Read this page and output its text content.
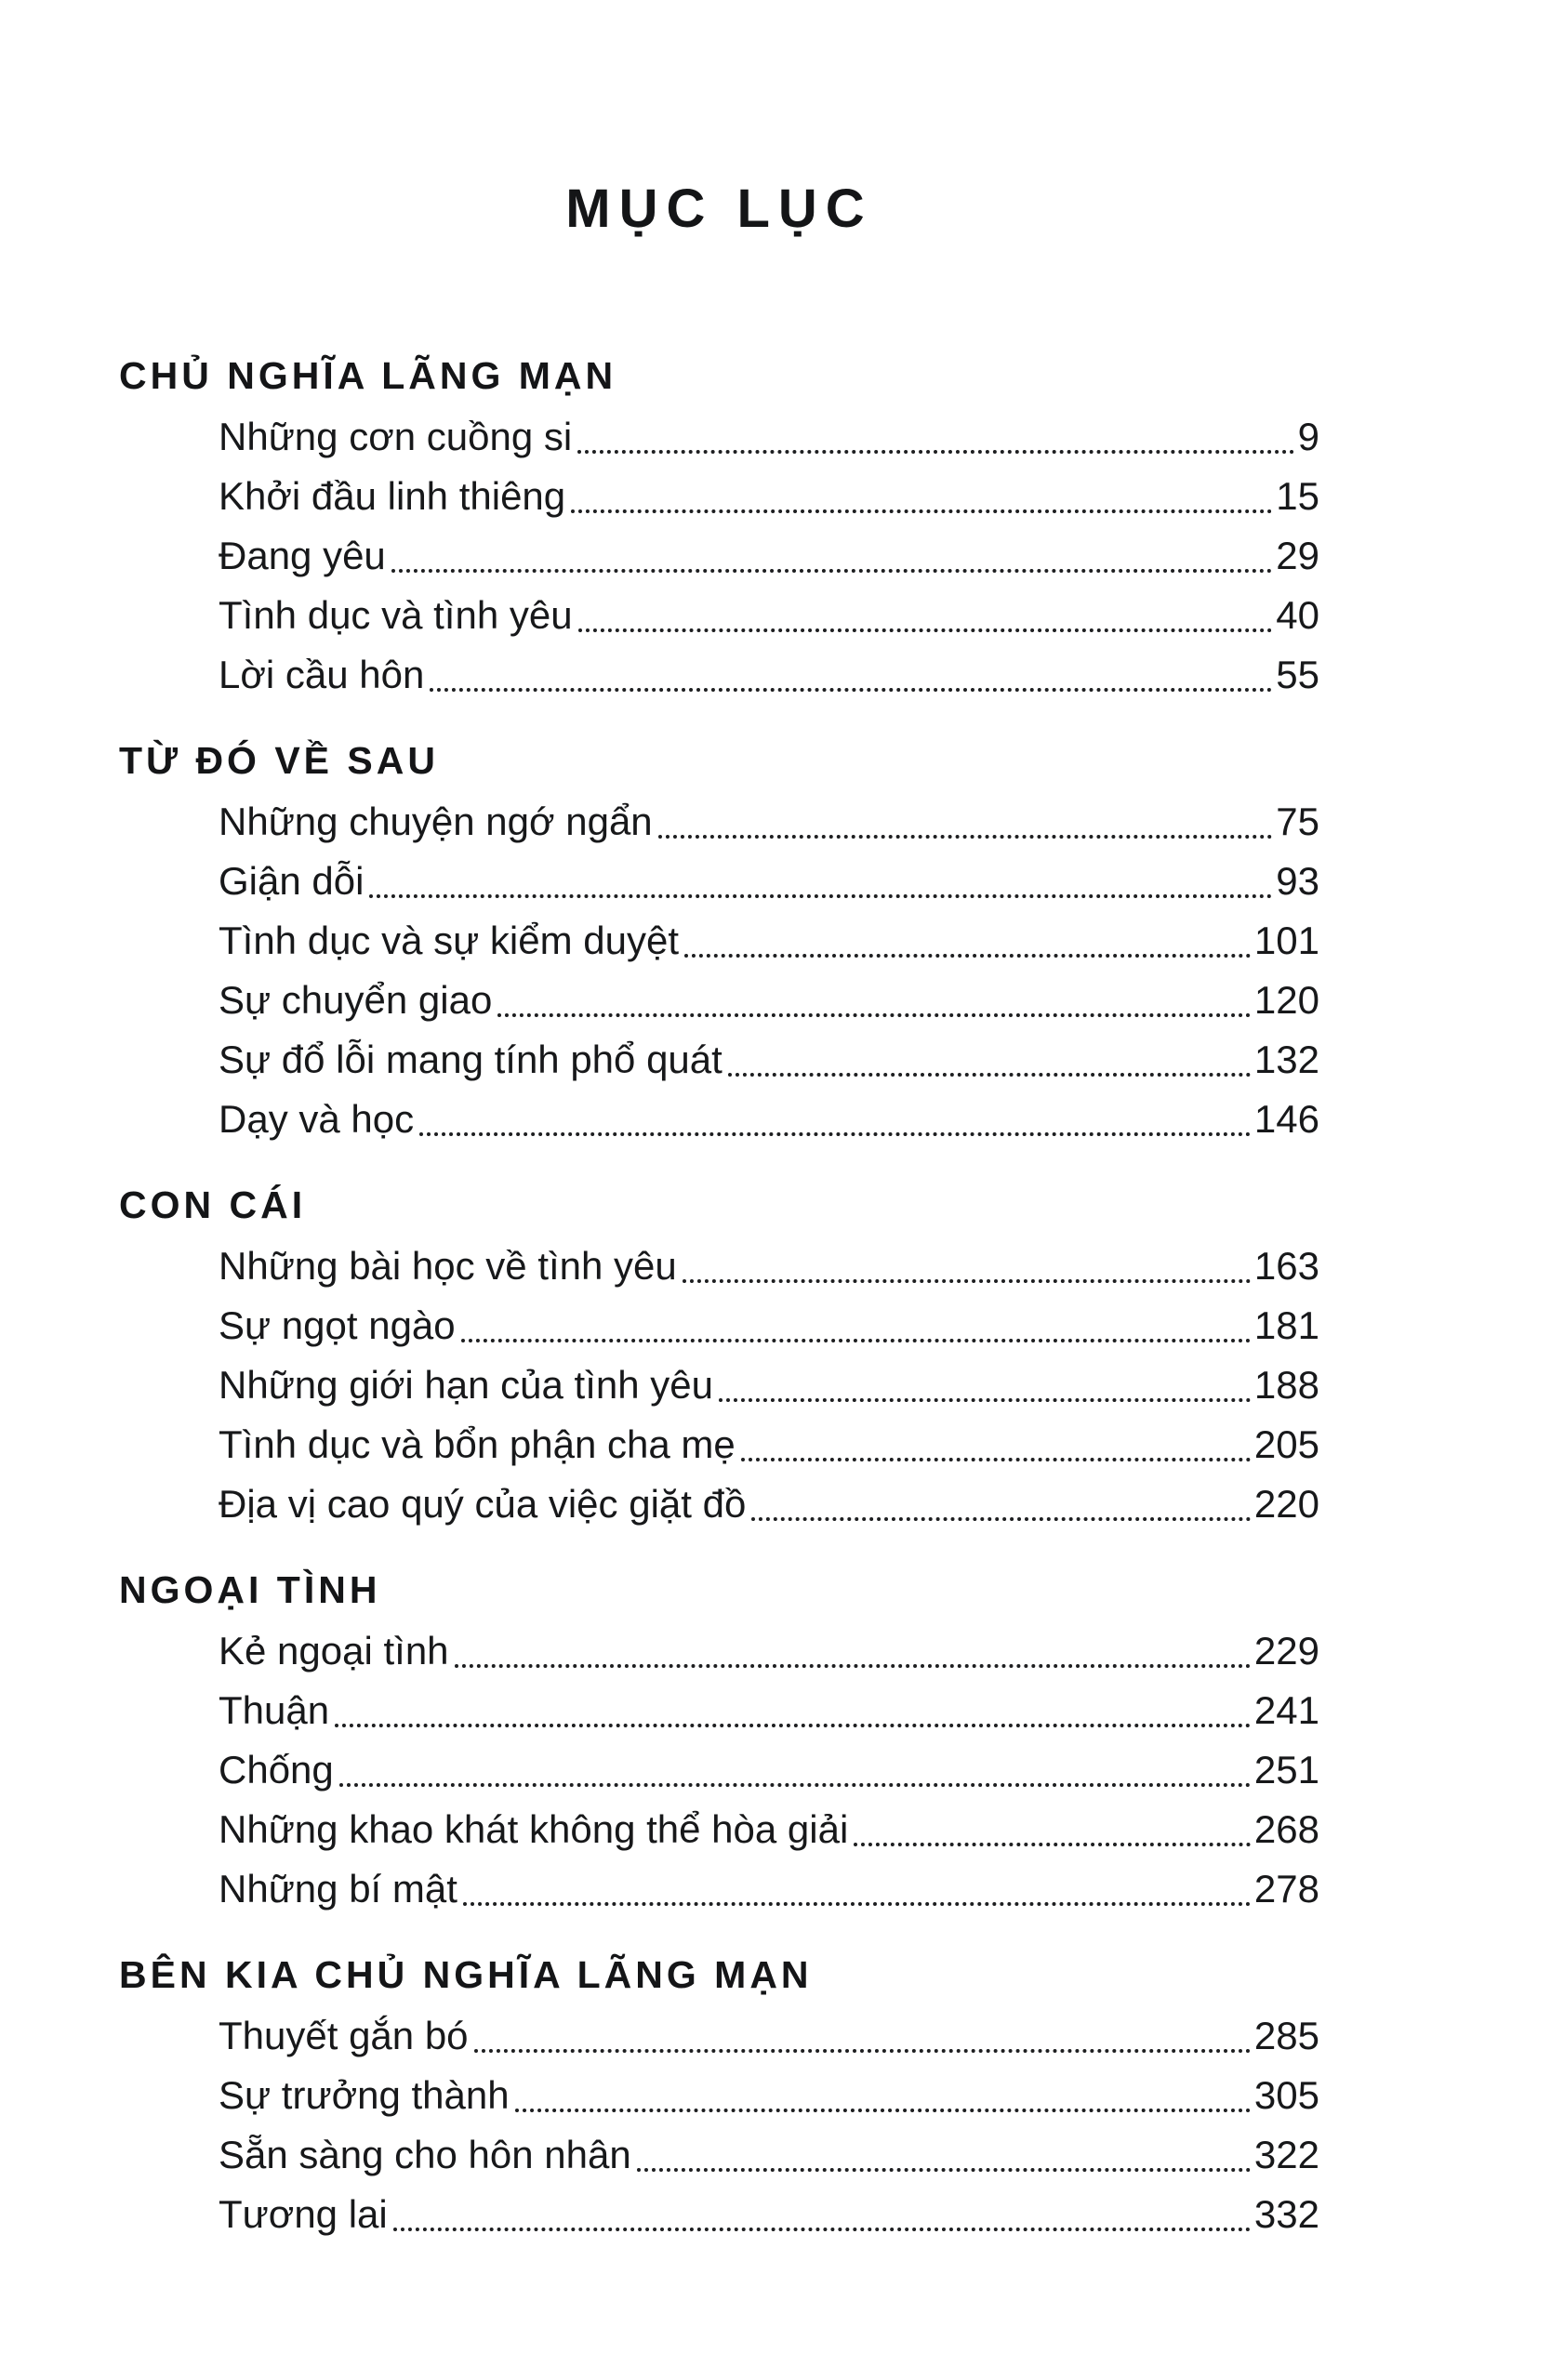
MỤC LỤC
CHỦ NGHĨA LÃNG MẠN
Những cơn cuồng si	9
Khởi đầu linh thiêng	15
Đang yêu	29
Tình dục và tình yêu	40
Lời cầu hôn	55
TỪ ĐÓ VỀ SAU
Những chuyện ngớ ngẩn	75
Giận dỗi	93
Tình dục và sự kiểm duyệt	101
Sự chuyển giao	120
Sự đổ lỗi mang tính phổ quát	132
Dạy và học	146
CON CÁI
Những bài học về tình yêu	163
Sự ngọt ngào	181
Những giới hạn của tình yêu	188
Tình dục và bổn phận cha mẹ	205
Địa vị cao quý của việc giặt đồ	220
NGOẠI TÌNH
Kẻ ngoại tình	229
Thuận	241
Chống	251
Những khao khát không thể hòa giải	268
Những bí mật	278
BÊN KIA CHỦ NGHĨA LÃNG MẠN
Thuyết gắn bó	285
Sự trưởng thành	305
Sẵn sàng cho hôn nhân	322
Tương lai	332
